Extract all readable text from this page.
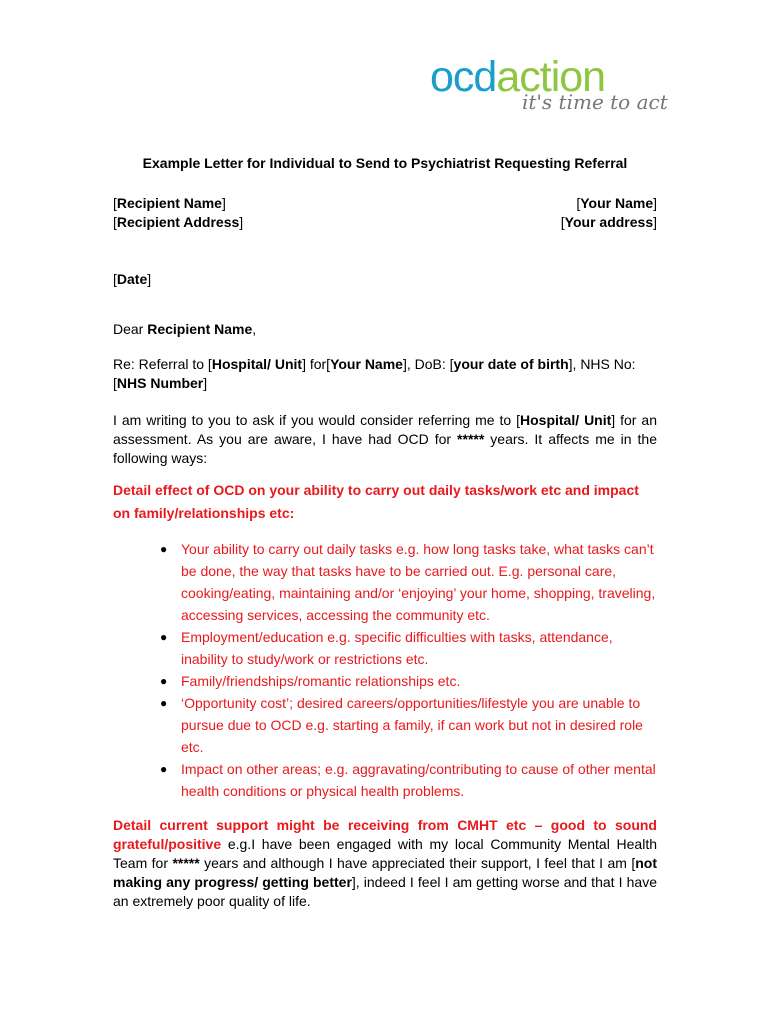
ocdaction
it's time to act
Example Letter for Individual to Send to Psychiatrist Requesting Referral
[Recipient Name]
[Recipient Address]
[Your Name]
[Your address]
[Date]
Dear Recipient Name,
Re: Referral to [Hospital/ Unit] for[Your Name], DoB: [your date of birth], NHS No:
[NHS Number]
I am writing to you to ask if you would consider referring me to [Hospital/ Unit] for an assessment. As you are aware, I have had OCD for ***** years. It affects me in the following ways:
Detail effect of OCD on your ability to carry out daily tasks/work etc and impact on family/relationships etc:
● Your ability to carry out daily tasks e.g. how long tasks take, what tasks can’t be done, the way that tasks have to be carried out. E.g. personal care, cooking/eating, maintaining and/or ‘enjoying’ your home, shopping, traveling, accessing services, accessing the community etc.
● Employment/education e.g. specific difficulties with tasks, attendance, inability to study/work or restrictions etc.
● Family/friendships/romantic relationships etc.
● ‘Opportunity cost’; desired careers/opportunities/lifestyle you are unable to pursue due to OCD e.g. starting a family, if can work but not in desired role etc.
● Impact on other areas; e.g. aggravating/contributing to cause of other mental health conditions or physical health problems.
Detail current support might be receiving from CMHT etc – good to sound grateful/positive e.g.I have been engaged with my local Community Mental Health Team for ***** years and although I have appreciated their support, I feel that I am [not making any progress/ getting better], indeed I feel I am getting worse and that I have an extremely poor quality of life.
